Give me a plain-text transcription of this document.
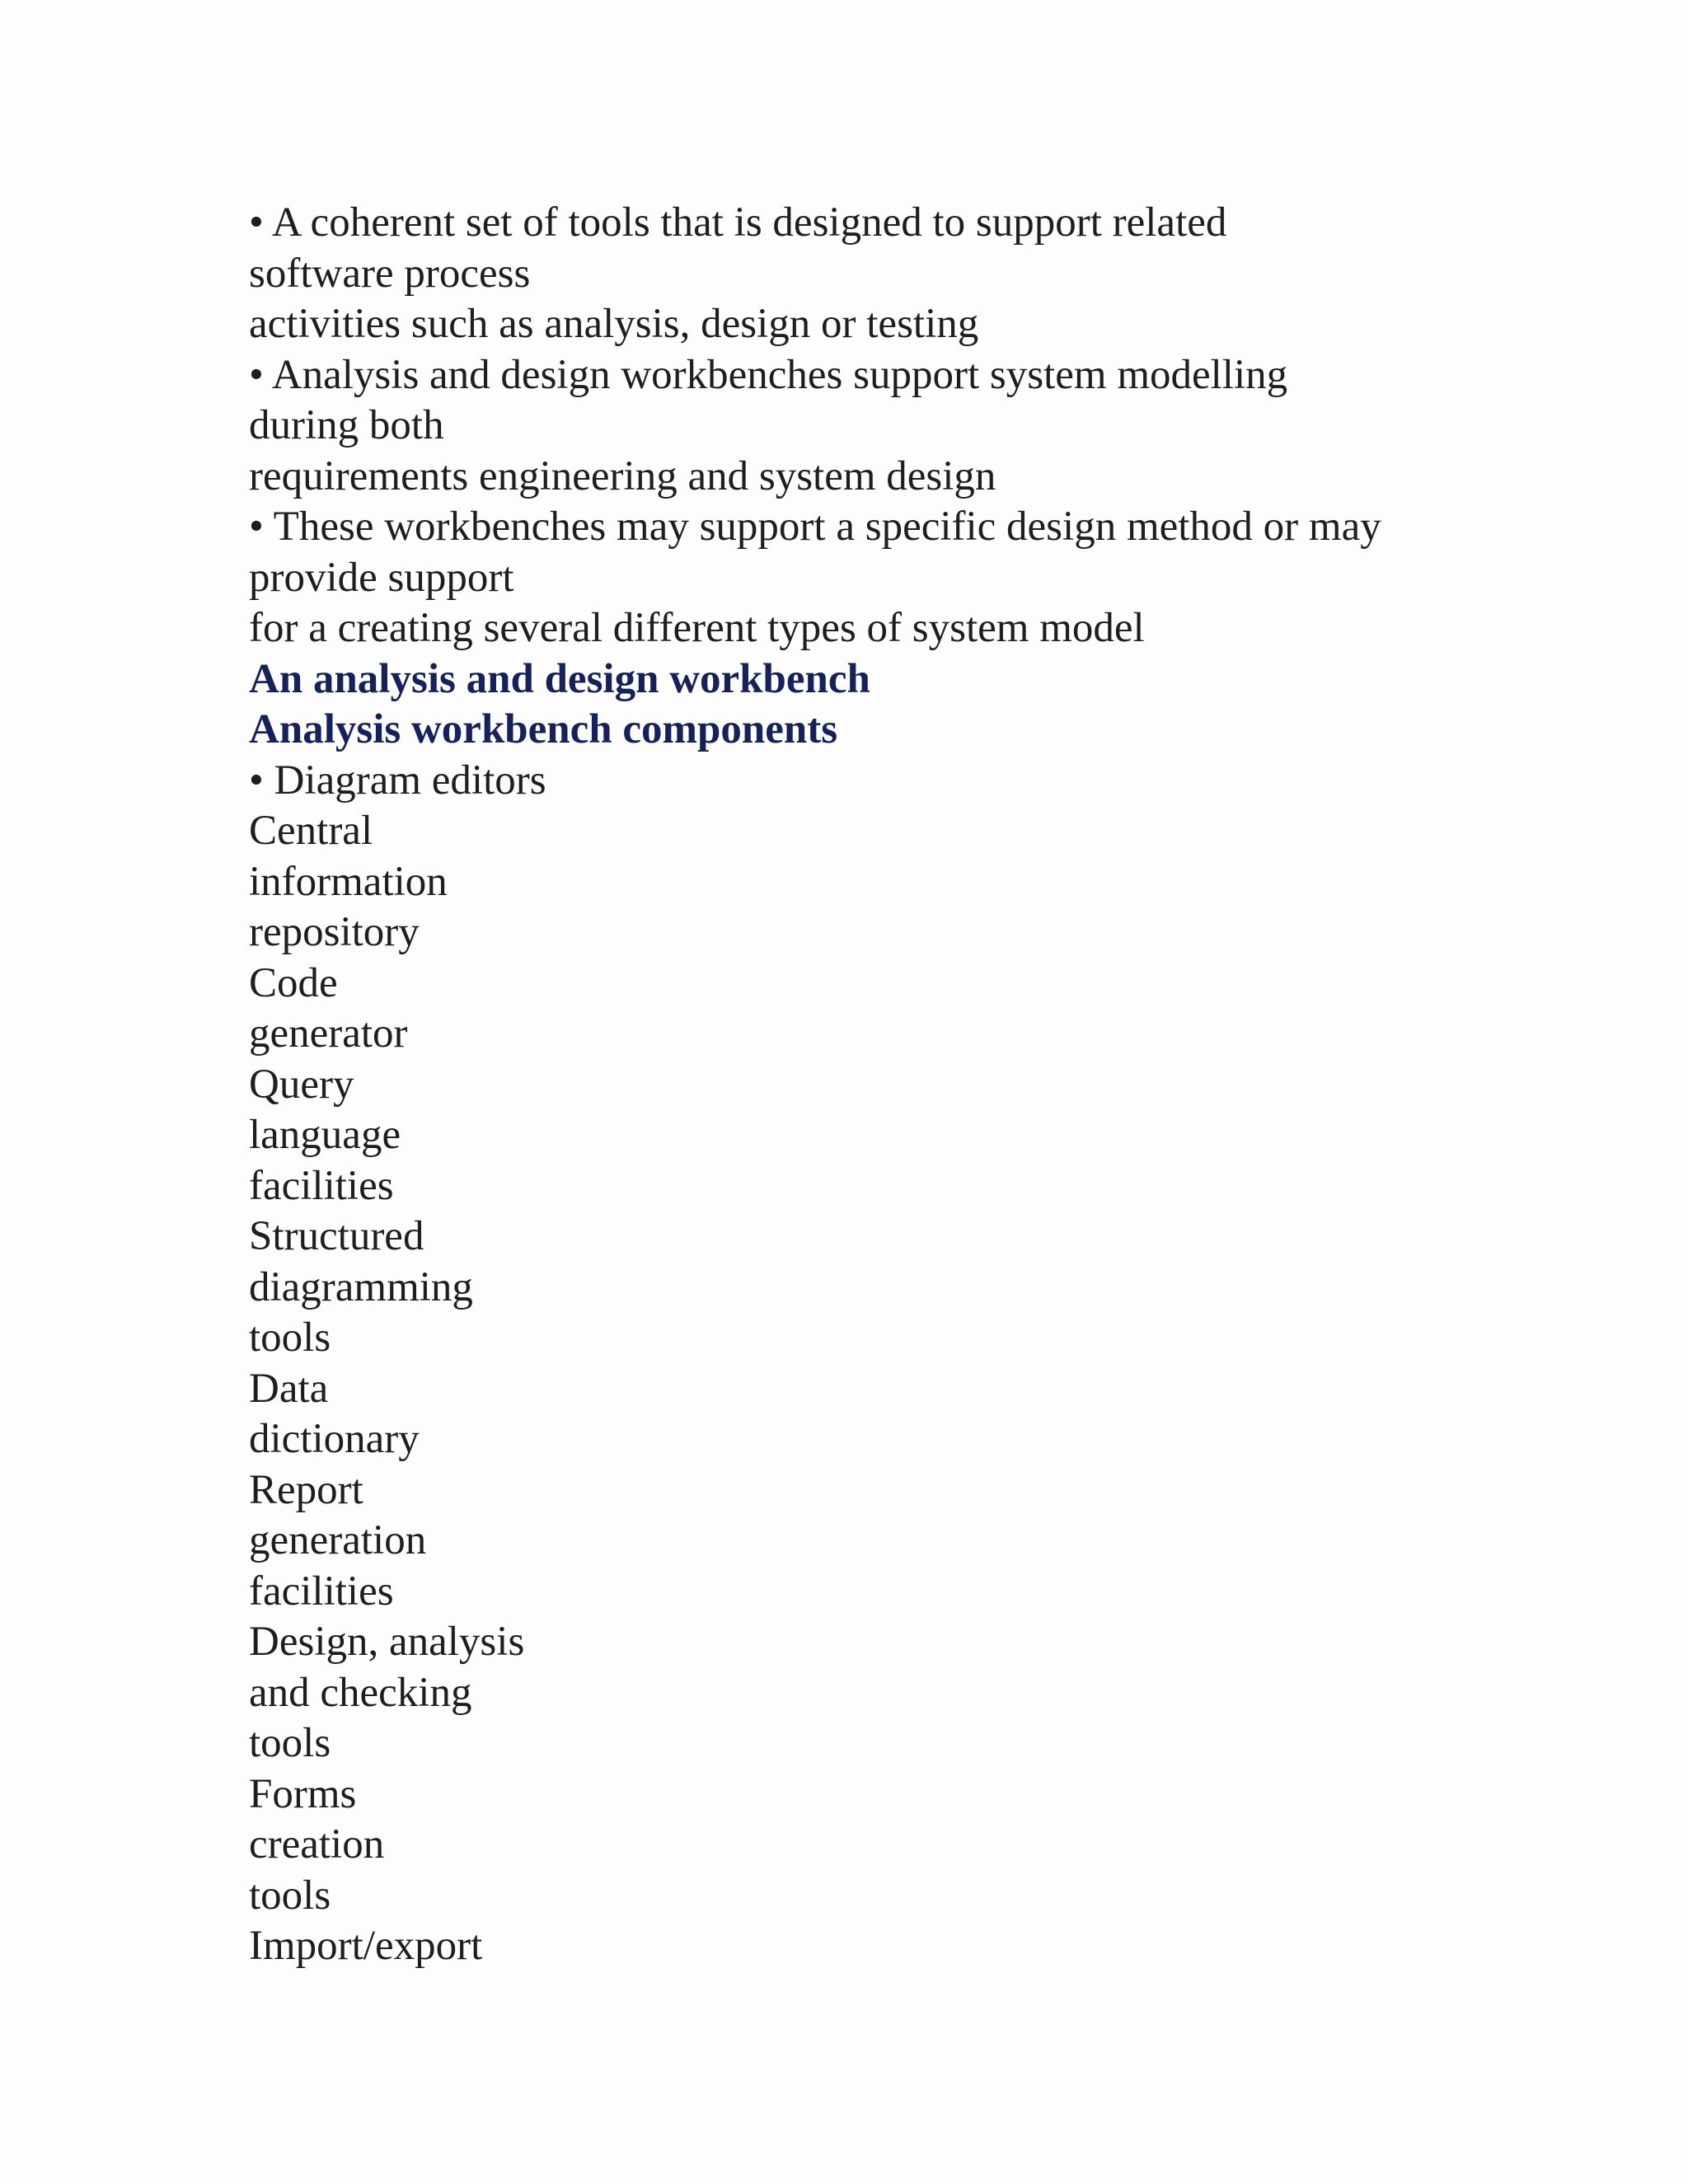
• A coherent set of tools that is designed to support related
software process
activities such as analysis, design or testing
• Analysis and design workbenches support system modelling
during both
requirements engineering and system design
• These workbenches may support a specific design method or may
provide support
for a creating several different types of system model
An analysis and design workbench
Analysis workbench components
• Diagram editors
Central
information
repository
Code
generator
Query
language
facilities
Structured
diagramming
tools
Data
dictionary
Report
generation
facilities
Design, analysis
and checking
tools
Forms
creation
tools
Import/export
